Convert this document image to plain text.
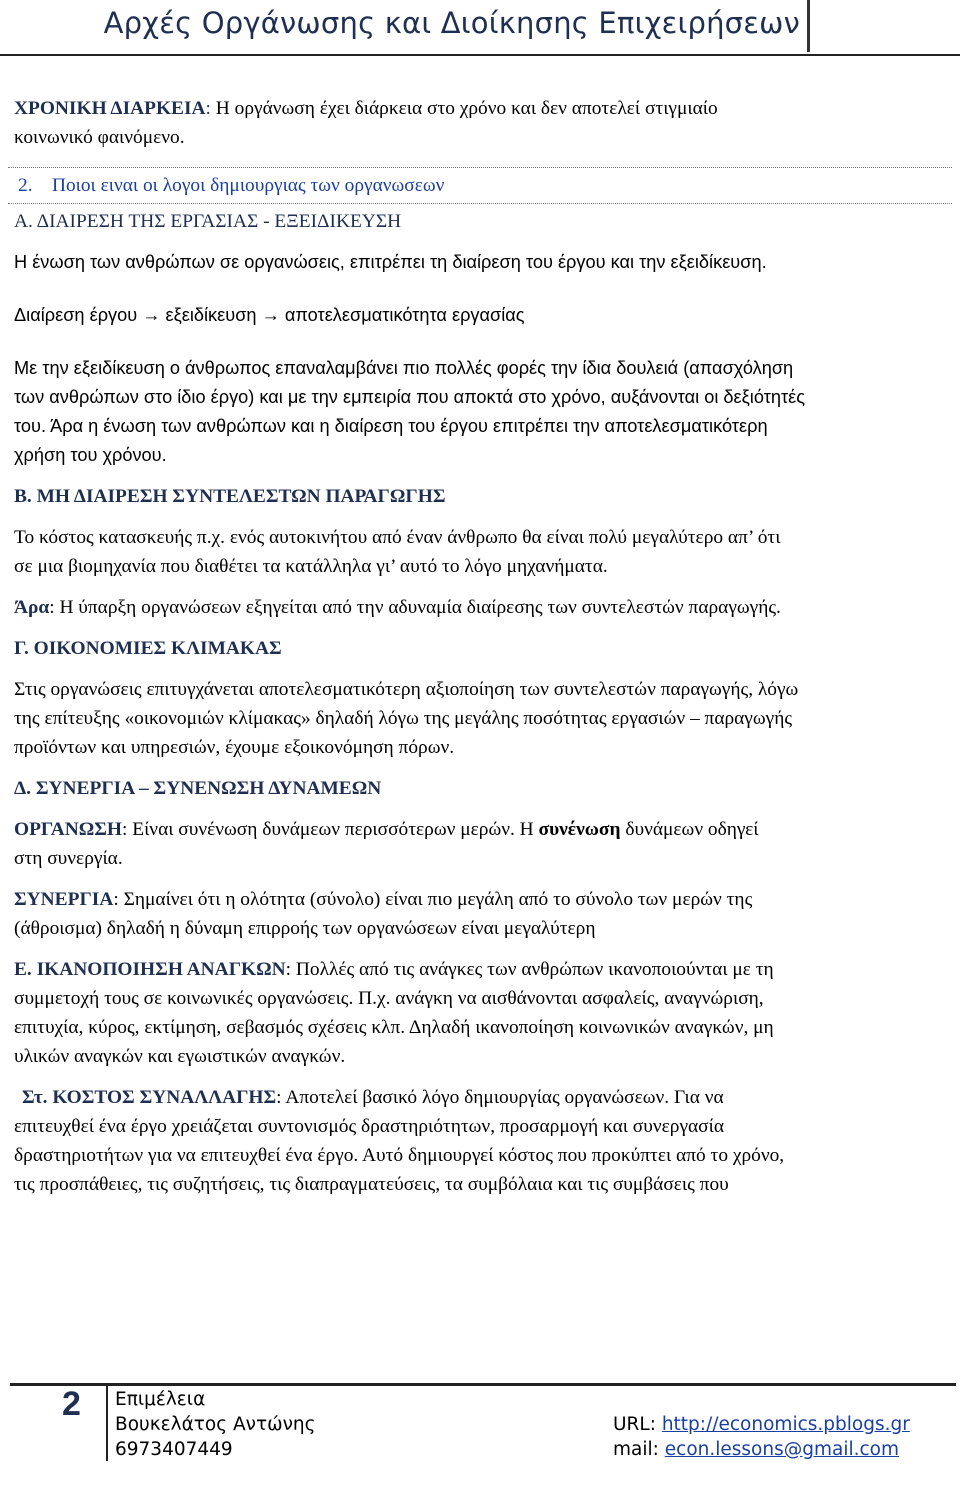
Αρχές Οργάνωσης και Διοίκησης Επιχειρήσεων

ΧΡΟΝΙΚΗ ΔΙΑΡΚΕΙΑ: Η οργάνωση έχει διάρκεια στο χρόνο και δεν αποτελεί στιγμιαίο

κοινωνικό φαινόμενο.

2. Ποιοι ειναι οι λογοι δημιουργιας των οργανωσεων

Α. ΔΙΑΙΡΕΣΗ ΤΗΣ ΕΡΓΑΣΙΑΣ - ΕΞΕΙΔΙΚΕΥΣΗ

Η ένωση των ανθρώπων σε οργανώσεις, επιτρέπει τη διαίρεση του έργου και την εξειδίκευση.

Διαίρεση έργου → εξειδίκευση → αποτελεσματικότητα εργασίας

Με την εξειδίκευση ο άνθρωπος επαναλαμβάνει πιο πολλές φορές την ίδια δουλειά (απασχόληση

των ανθρώπων στο ίδιο έργο) και με την εμπειρία που αποκτά στο χρόνο, αυξάνονται οι δεξιότητές

του. Άρα η ένωση των ανθρώπων και η διαίρεση του έργου επιτρέπει την αποτελεσματικότερη

χρήση του χρόνου.

Β. ΜΗ ΔΙΑΙΡΕΣΗ ΣΥΝΤΕΛΕΣΤΩΝ ΠΑΡΑΓΩΓΗΣ

Το κόστος κατασκευής π.χ. ενός αυτοκινήτου από έναν άνθρωπο θα είναι πολύ μεγαλύτερο απ’ ότι

σε μια βιομηχανία που διαθέτει τα κατάλληλα γι’ αυτό το λόγο μηχανήματα.

Άρα: Η ύπαρξη οργανώσεων εξηγείται από την αδυναμία διαίρεσης των συντελεστών παραγωγής.

Γ. ΟΙΚΟΝΟΜΙΕΣ ΚΛΙΜΑΚΑΣ

Στις οργανώσεις επιτυγχάνεται αποτελεσματικότερη αξιοποίηση των συντελεστών παραγωγής, λόγω

της επίτευξης «οικονομιών κλίμακας» δηλαδή λόγω της μεγάλης ποσότητας εργασιών – παραγωγής

προϊόντων και υπηρεσιών, έχουμε εξοικονόμηση πόρων.

Δ. ΣΥΝΕΡΓΙΑ – ΣΥΝΕΝΩΣΗ ΔΥΝΑΜΕΩΝ

ΟΡΓΑΝΩΣΗ: Είναι συνένωση δυνάμεων περισσότερων μερών. Η συνένωση δυνάμεων οδηγεί

στη συνεργία.

ΣΥΝΕΡΓΙΑ: Σημαίνει ότι η ολότητα (σύνολο) είναι πιο μεγάλη από το σύνολο των μερών της

(άθροισμα) δηλαδή η δύναμη επιρροής των οργανώσεων είναι μεγαλύτερη

Ε. ΙΚΑΝΟΠΟΙΗΣΗ ΑΝΑΓΚΩΝ: Πολλές από τις ανάγκες των ανθρώπων ικανοποιούνται με τη

συμμετοχή τους σε κοινωνικές οργανώσεις. Π.χ. ανάγκη να αισθάνονται ασφαλείς, αναγνώριση,

επιτυχία, κύρος, εκτίμηση, σεβασμός σχέσεις κλπ. Δηλαδή ικανοποίηση κοινωνικών αναγκών, μη

υλικών αναγκών και εγωιστικών αναγκών.

Στ. ΚΟΣΤΟΣ ΣΥΝΑΛΛΑΓΗΣ: Αποτελεί βασικό λόγο δημιουργίας οργανώσεων. Για να

επιτευχθεί ένα έργο χρειάζεται συντονισμός δραστηριότητων, προσαρμογή και συνεργασία

δραστηριοτήτων για να επιτευχθεί ένα έργο. Αυτό δημιουργεί κόστος που προκύπτει από το χρόνο,

τις προσπάθειες, τις συζητήσεις, τις διαπραγματεύσεις, τα συμβόλαια και τις συμβάσεις που

2 Επιμέλεια
Βουκελάτος Αντώνης
6973407449
URL: http://economics.pblogs.gr
mail: econ.lessons@gmail.com
